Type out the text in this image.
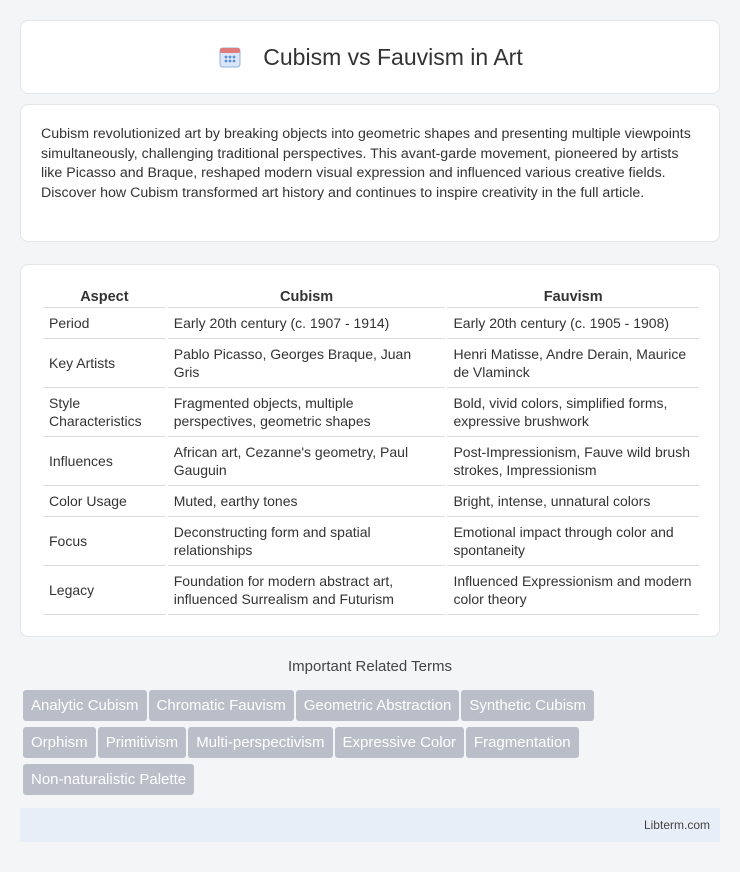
Cubism vs Fauvism in Art

Cubism revolutionized art by breaking objects into geometric shapes and presenting multiple viewpoints simultaneously, challenging traditional perspectives. This avant-garde movement, pioneered by artists like Picasso and Braque, reshaped modern visual expression and influenced various creative fields. Discover how Cubism transformed art history and continues to inspire creativity in the full article.

Aspect	Cubism	Fauvism
Period	Early 20th century (c. 1907 - 1914)	Early 20th century (c. 1905 - 1908)
Key Artists	Pablo Picasso, Georges Braque, Juan Gris	Henri Matisse, Andre Derain, Maurice de Vlaminck
Style Characteristics	Fragmented objects, multiple perspectives, geometric shapes	Bold, vivid colors, simplified forms, expressive brushwork
Influences	African art, Cezanne's geometry, Paul Gauguin	Post-Impressionism, Fauve wild brush strokes, Impressionism
Color Usage	Muted, earthy tones	Bright, intense, unnatural colors
Focus	Deconstructing form and spatial relationships	Emotional impact through color and spontaneity
Legacy	Foundation for modern abstract art, influenced Surrealism and Futurism	Influenced Expressionism and modern color theory
Important Related Terms
Analytic Cubism Chromatic Fauvism Geometric Abstraction Synthetic Cubism
Orphism Primitivism Multi-perspectivism Expressive Color Fragmentation
Non-naturalistic Palette
Libterm.com
